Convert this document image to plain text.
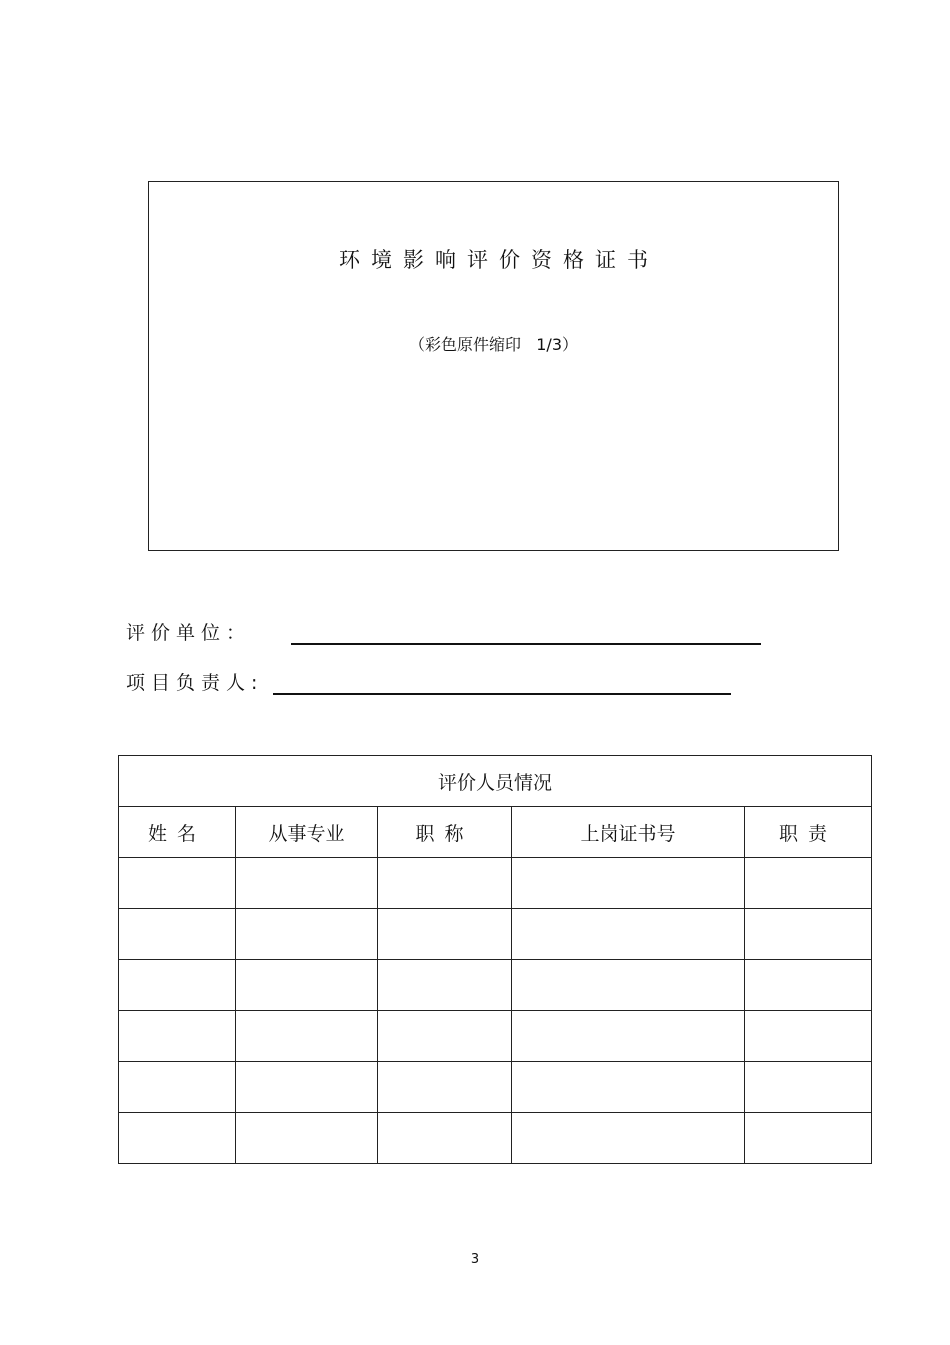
环境影响评价资格证书
（彩色原件缩印   1/3）
评价单位：
项目负责人:
评价人员情况				
姓名	从事专业	职称	上岗证书号	职责

3
